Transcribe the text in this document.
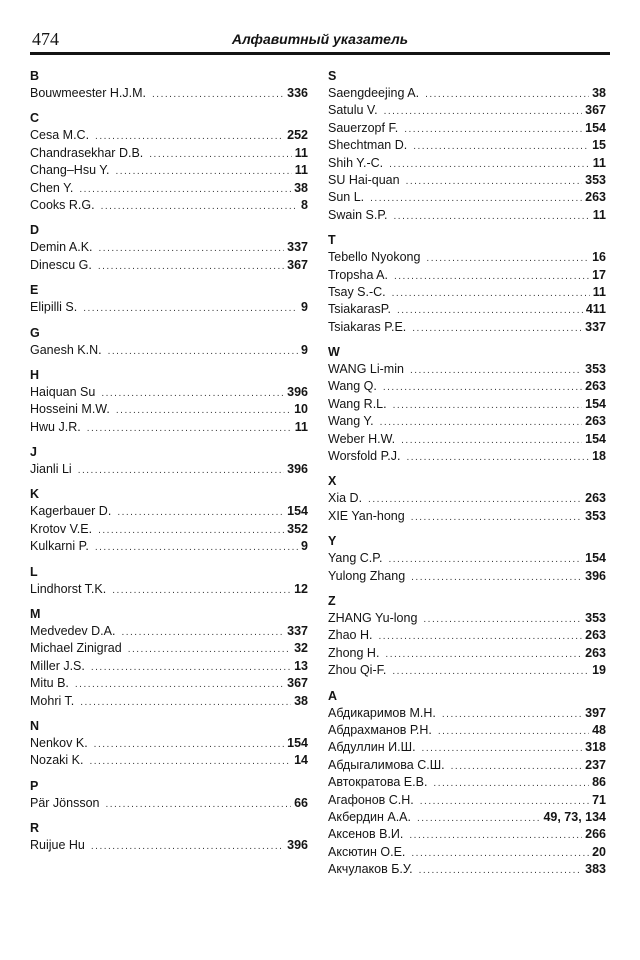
474	Алфавитный указатель
B
Bouwmeester H.J.M. .....	336
C
Cesa M.C. .....	252
Chandrasekhar D.B. .....	11
Chang–Hsu Y. .....	11
Chen Y. .....	38
Cooks R.G. .....	8
D
Demin A.K. .....	337
Dinescu G. .....	367
E
Elipilli S. .....	9
G
Ganesh K.N. .....	9
H
Haiquan Su .....	396
Hosseini M.W. .....	10
Hwu J.R. .....	11
J
Jianli Li .....	396
K
Kagerbauer D. .....	154
Krotov V.E. .....	352
Kulkarni P. .....	9
L
Lindhorst T.K. .....	12
M
Medvedev D.A. .....	337
Michael Zinigrad .....	32
Miller J.S. .....	13
Mitu B. .....	367
Mohri T. .....	38
N
Nenkov K. .....	154
Nozaki K. .....	14
P
Pär Jönsson .....	66
R
Ruijue Hu .....	396
S
Saengdeejing A. .....	38
Satulu V. .....	367
Sauerzopf F. .....	154
Shechtman D. .....	15
Shih Y.-C. .....	11
SU Hai-quan .....	353
Sun L. .....	263
Swain S.P. .....	11
T
Tebello Nyokong .....	16
Tropsha A. .....	17
Tsay S.-C. .....	11
TsiakarasP. .....	411
Tsiakaras P.E. .....	337
W
WANG Li-min .....	353
Wang Q. .....	263
Wang R.L. .....	154
Wang Y. .....	263
Weber H.W. .....	154
Worsfold P.J. .....	18
X
Xia D. .....	263
XIE Yan-hong .....	353
Y
Yang C.P. .....	154
Yulong Zhang .....	396
Z
ZHANG Yu-long .....	353
Zhao H. .....	263
Zhong H. .....	263
Zhou Qi-F. .....	19
А
Абдикаримов М.Н. .....	397
Абдрахманов Р.Н. .....	48
Абдуллин И.Ш. .....	318
Абдыгалимова С.Ш. .....	237
Автократова Е.В. .....	86
Агафонов С.Н. .....	71
Акбердин А.А. .....	49, 73, 134
Аксенов В.И. .....	266
Аксютин О.Е. .....	20
Акчулаков Б.У. .....	383
